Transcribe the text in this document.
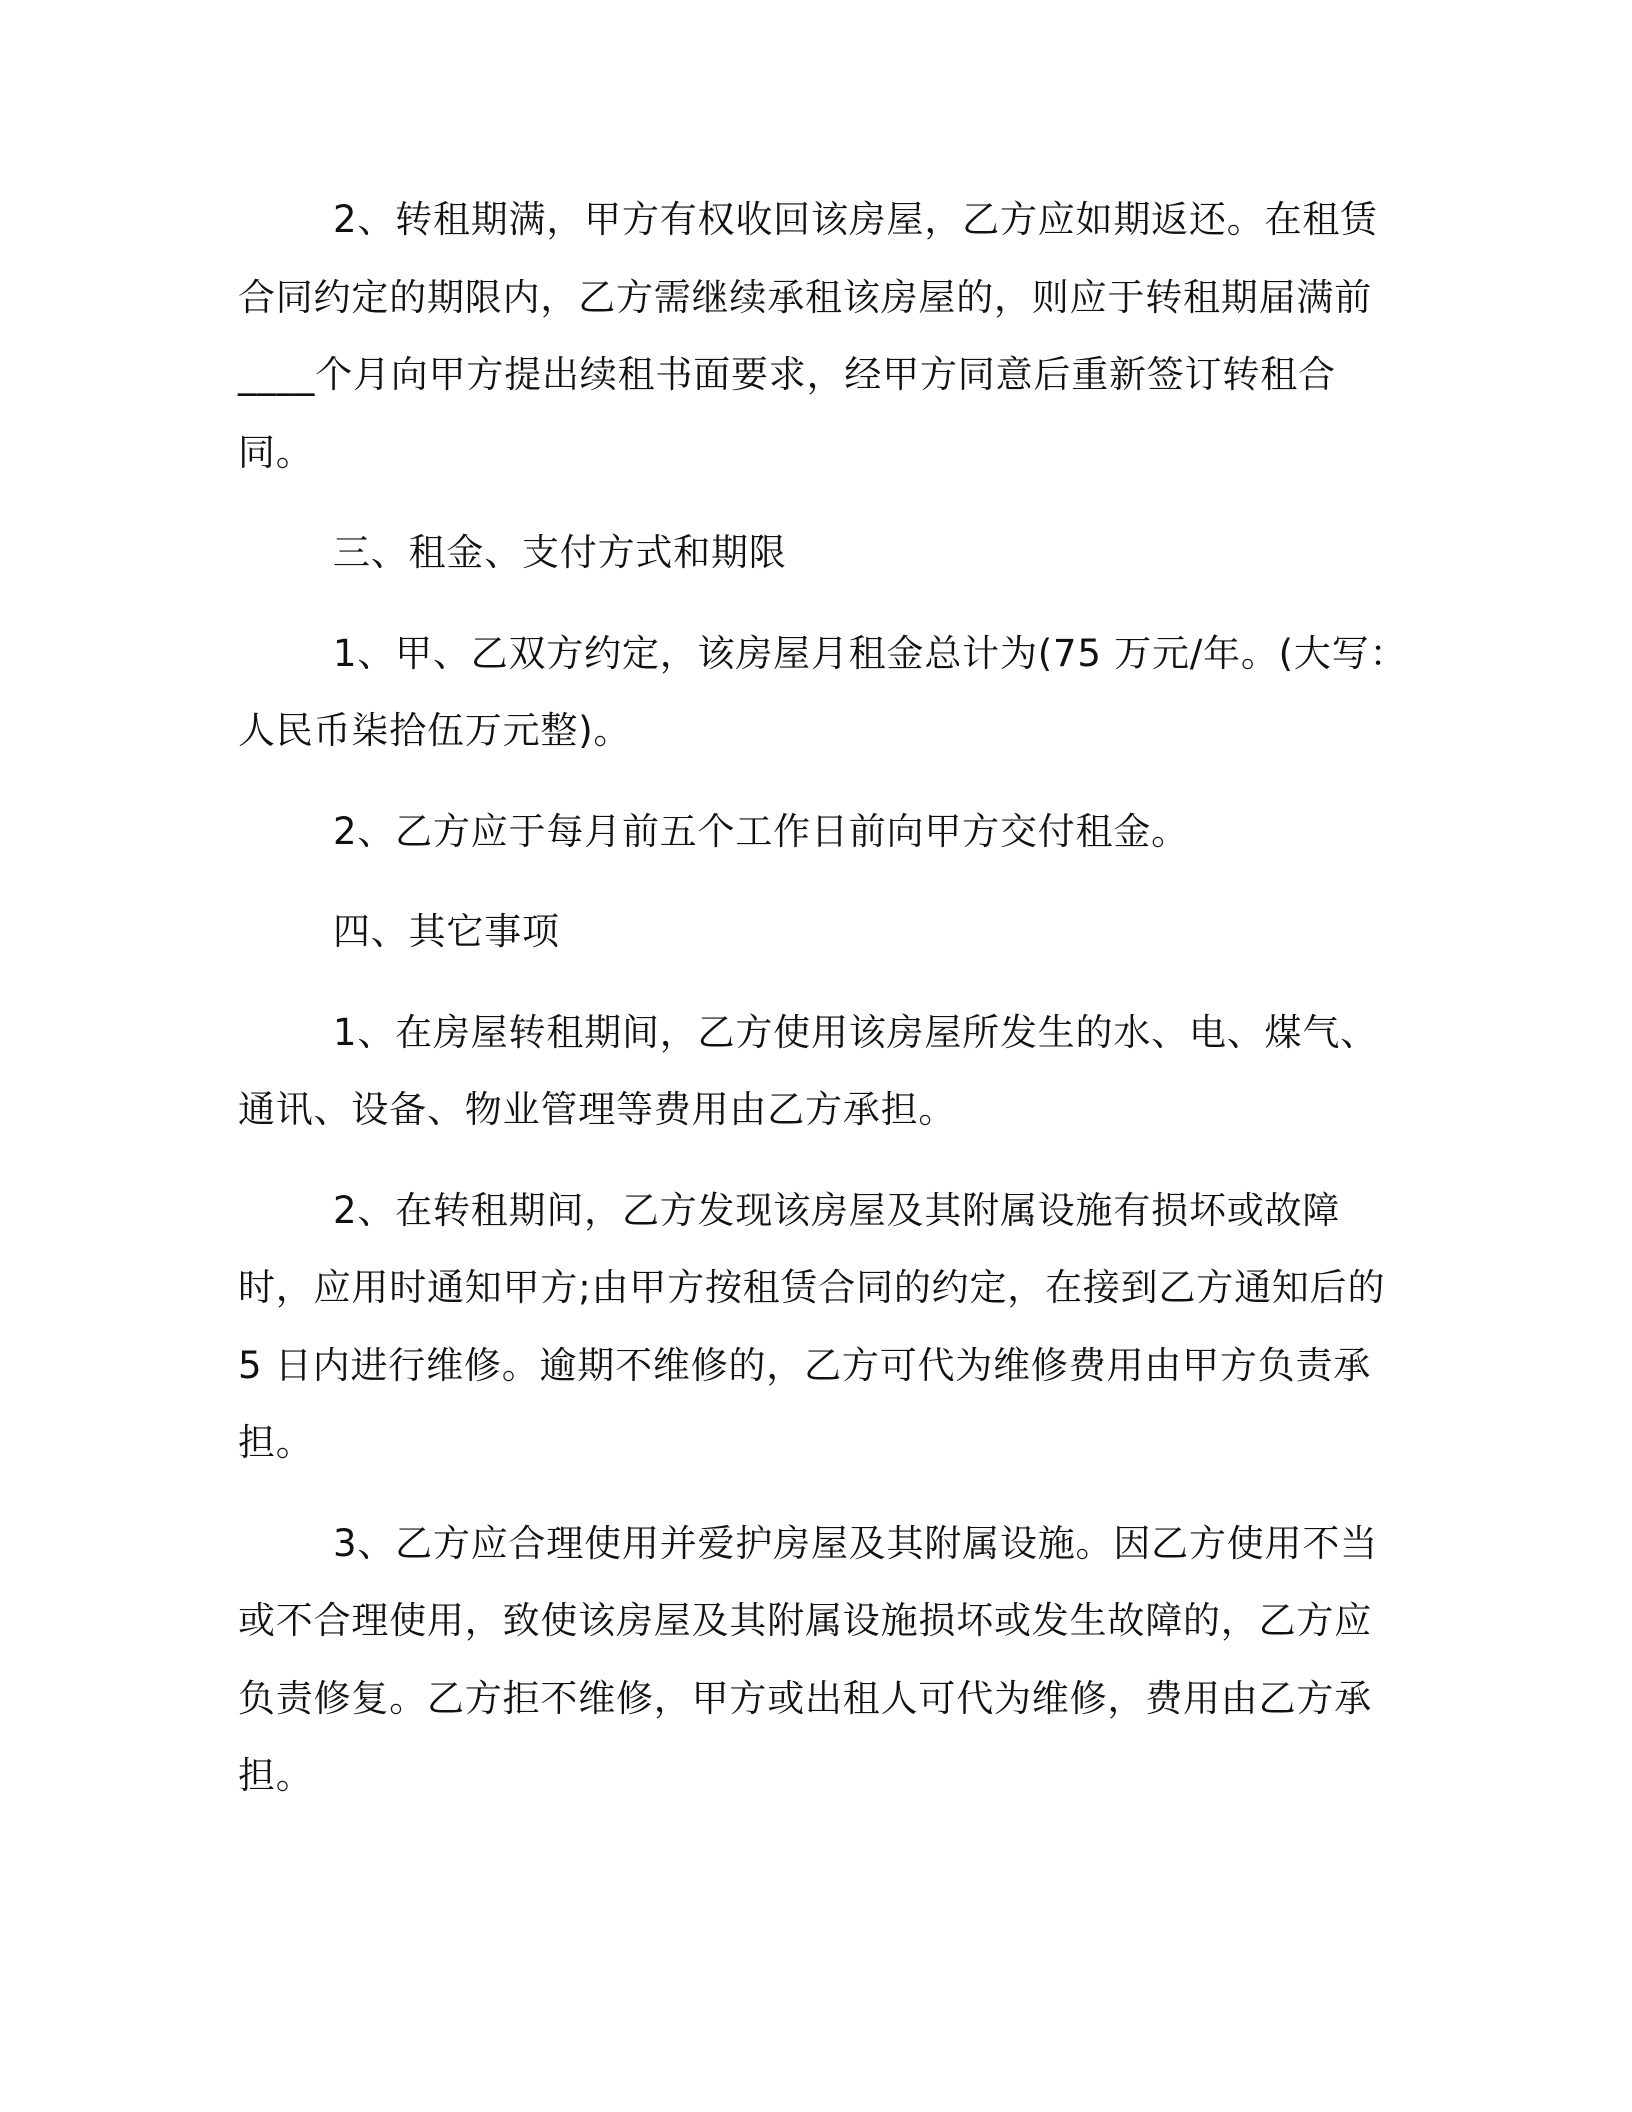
2、转租期满，甲方有权收回该房屋，乙方应如期返还。在租赁
合同约定的期限内，乙方需继续承租该房屋的，则应于转租期届满前
____个月向甲方提出续租书面要求，经甲方同意后重新签订转租合
同。
三、租金、支付方式和期限
1、甲、乙双方约定，该房屋月租金总计为(75 万元/年。(大写：
人民币柒拾伍万元整)。
2、乙方应于每月前五个工作日前向甲方交付租金。
四、其它事项
1、在房屋转租期间，乙方使用该房屋所发生的水、电、煤气、
通讯、设备、物业管理等费用由乙方承担。
2、在转租期间，乙方发现该房屋及其附属设施有损坏或故障
时，应用时通知甲方;由甲方按租赁合同的约定，在接到乙方通知后的
5 日内进行维修。逾期不维修的，乙方可代为维修费用由甲方负责承
担。
3、乙方应合理使用并爱护房屋及其附属设施。因乙方使用不当
或不合理使用，致使该房屋及其附属设施损坏或发生故障的，乙方应
负责修复。乙方拒不维修，甲方或出租人可代为维修，费用由乙方承
担。
